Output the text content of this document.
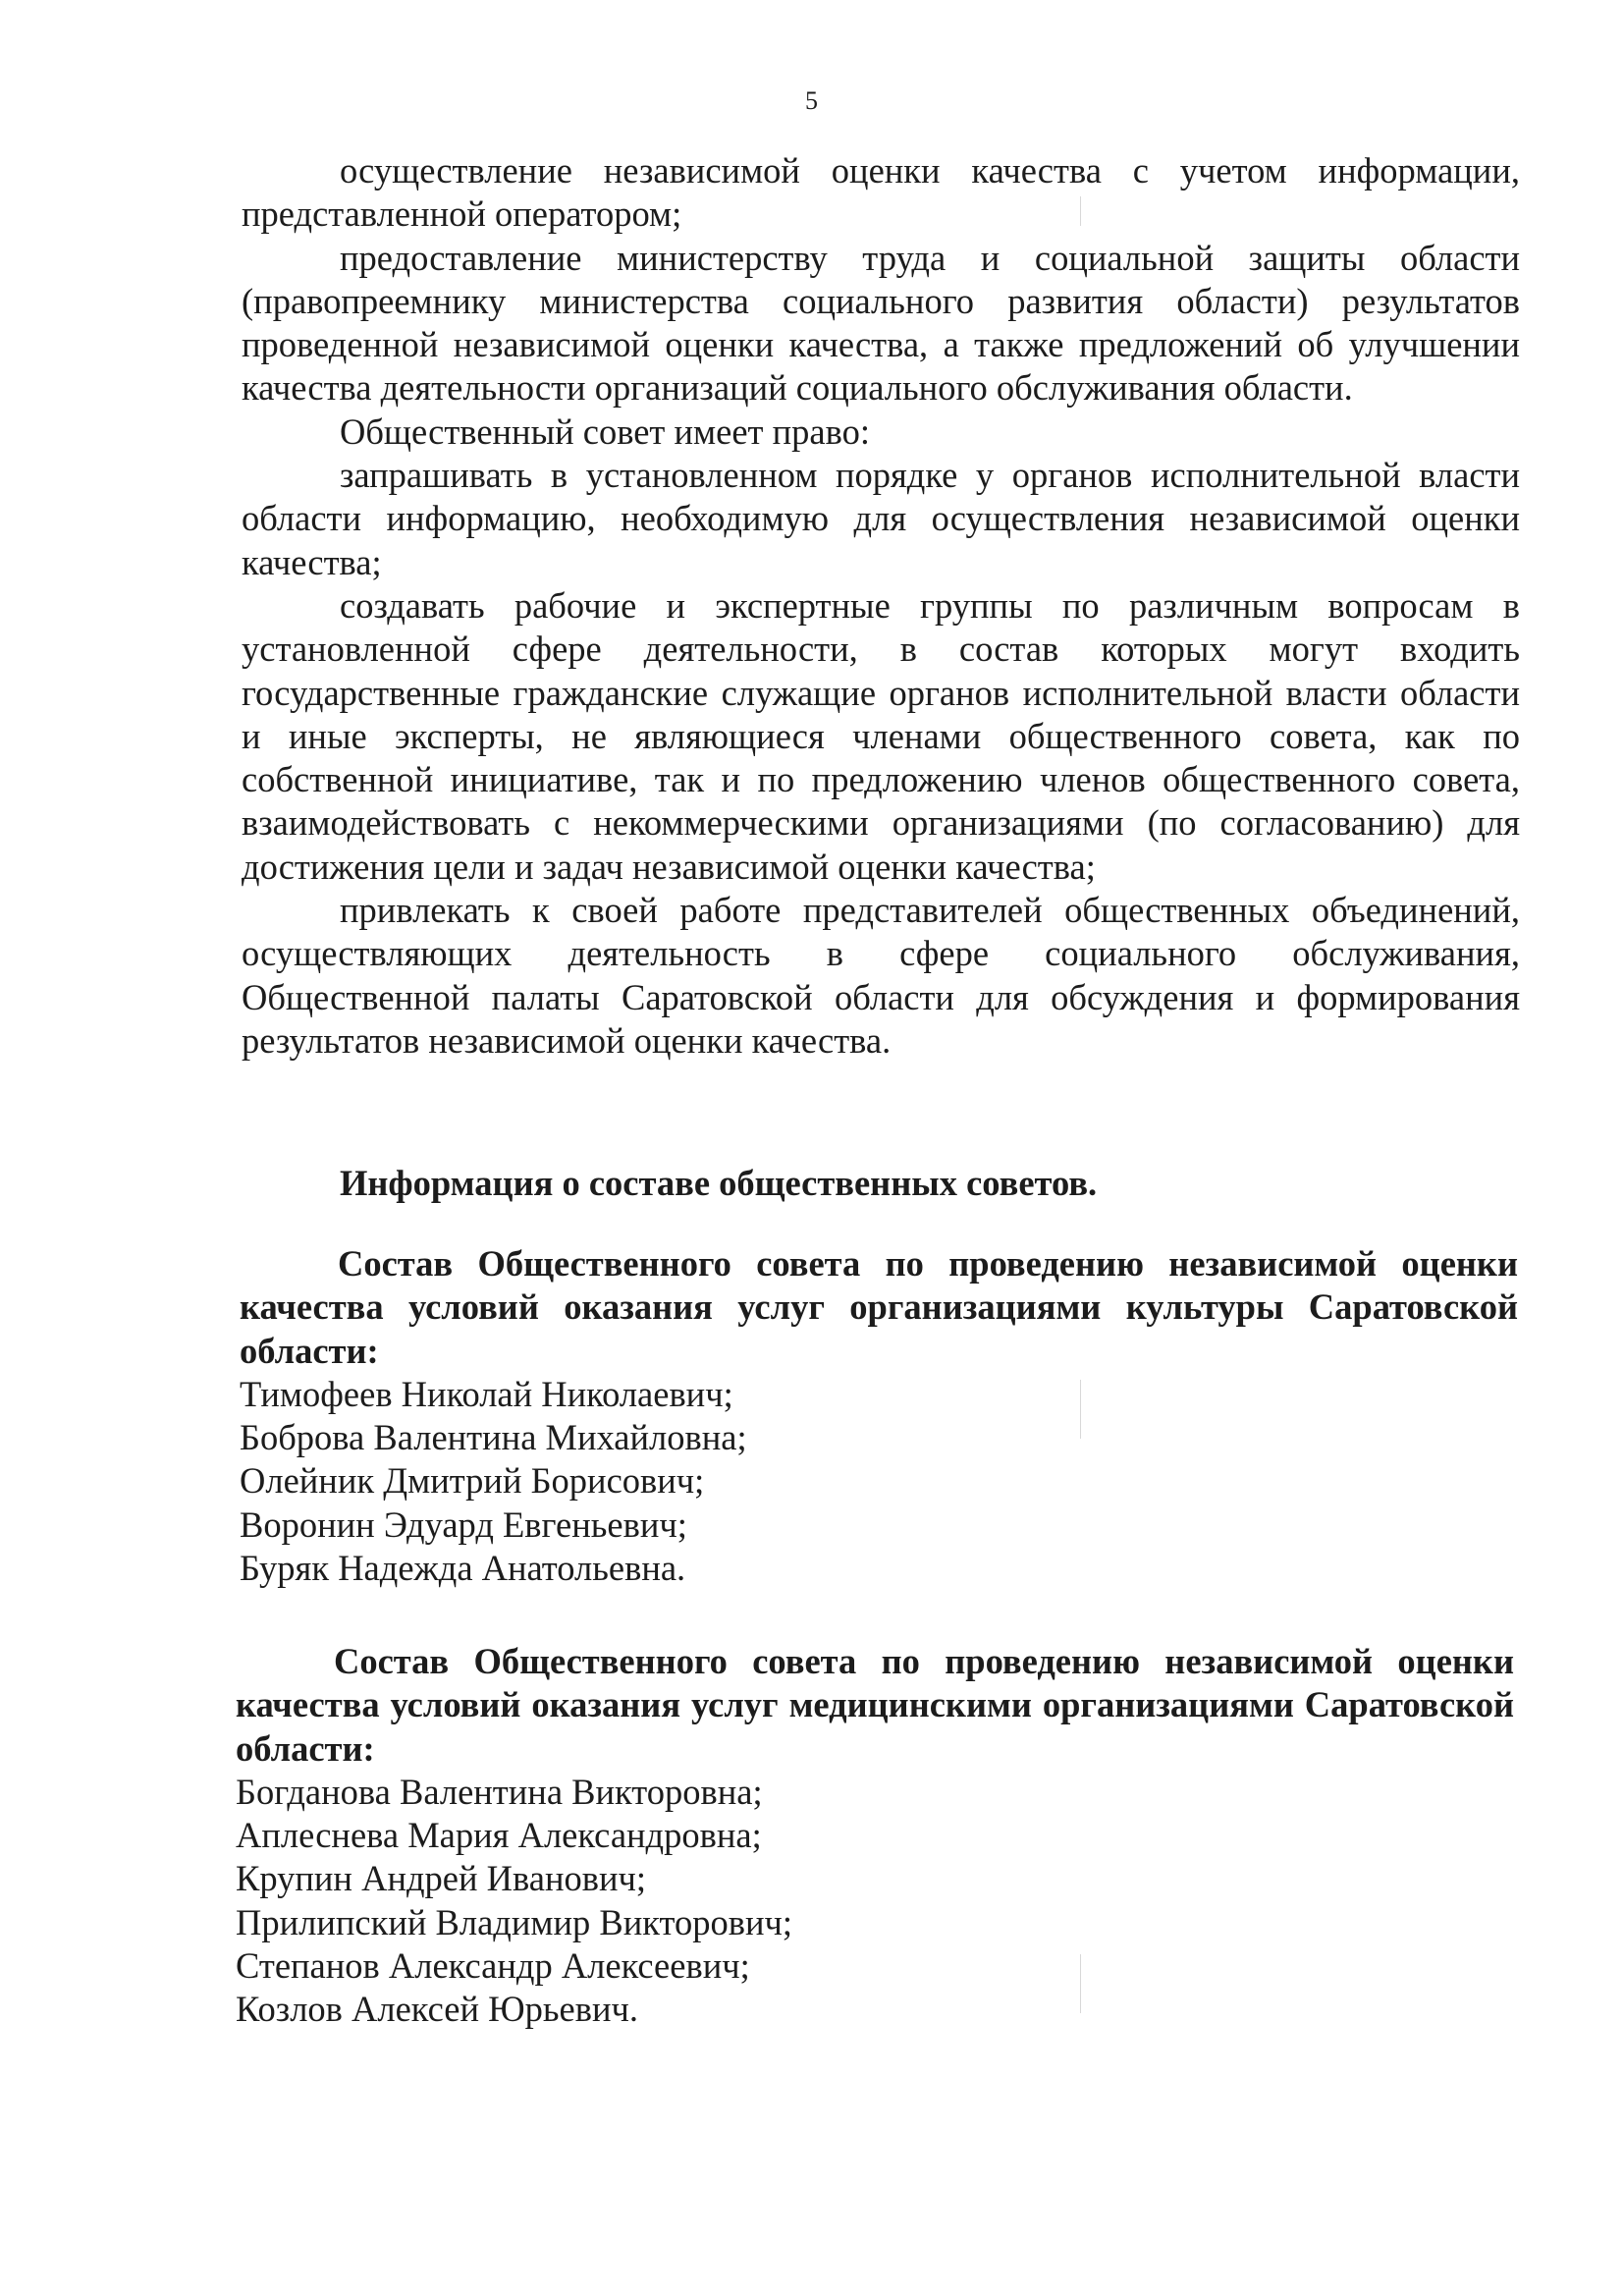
5

осуществление независимой оценки качества с учетом информации, представленной оператором;

предоставление министерству труда и социальной защиты области (правопреемнику министерства социального развития области) результатов проведенной независимой оценки качества, а также предложений об улучшении качества деятельности организаций социального обслуживания области.

Общественный совет имеет право:

запрашивать в установленном порядке у органов исполнительной власти области информацию, необходимую для осуществления независимой оценки качества;

создавать рабочие и экспертные группы по различным вопросам в установленной сфере деятельности, в состав которых могут входить государственные гражданские служащие органов исполнительной власти области и иные эксперты, не являющиеся членами общественного совета, как по собственной инициативе, так и по предложению членов общественного совета, взаимодействовать с некоммерческими организациями (по согласованию) для достижения цели и задач независимой оценки качества;

привлекать к своей работе представителей общественных объединений, осуществляющих деятельность в сфере социального обслуживания, Общественной палаты Саратовской области для обсуждения и формирования результатов независимой оценки качества.

Информация о составе общественных советов.

Состав Общественного совета по проведению независимой оценки качества условий оказания услуг организациями культуры Саратовской области:

Тимофеев Николай Николаевич;
Боброва Валентина Михайловна;
Олейник Дмитрий Борисович;
Воронин Эдуард Евгеньевич;
Буряк Надежда Анатольевна.

Состав Общественного совета по проведению независимой оценки качества условий оказания услуг медицинскими организациями Саратовской области:

Богданова Валентина Викторовна;
Аплеснева Мария Александровна;
Крупин Андрей Иванович;
Прилипский Владимир Викторович;
Степанов Александр Алексеевич;
Козлов Алексей Юрьевич.
